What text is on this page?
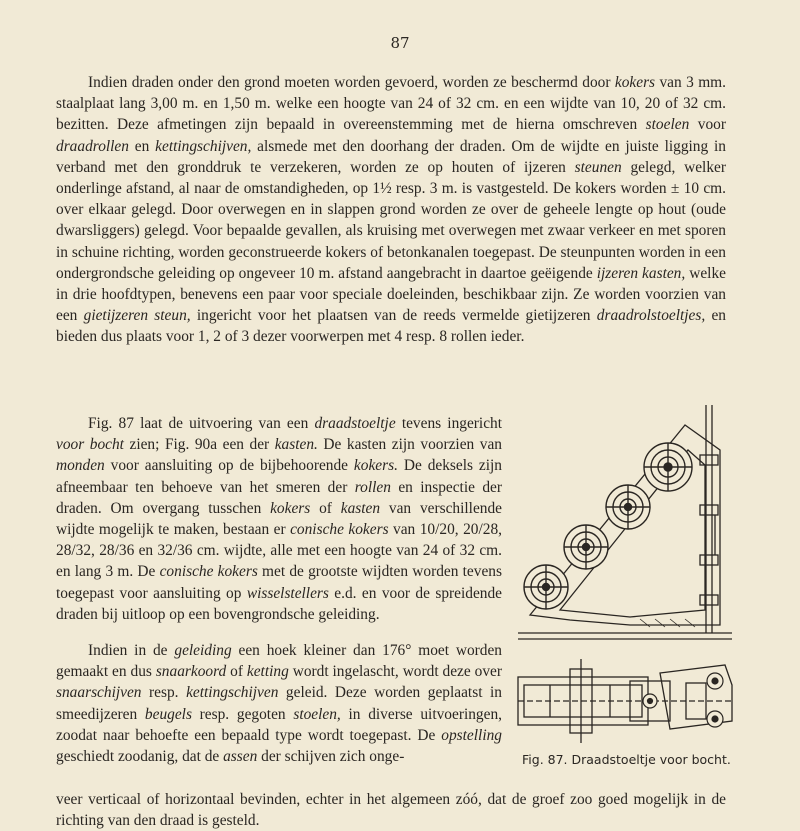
87
Indien draden onder den grond moeten worden gevoerd, worden ze beschermd door kokers van 3 mm. staalplaat lang 3,00 m. en 1,50 m. welke een hoogte van 24 of 32 cm. en een wijdte van 10, 20 of 32 cm. bezitten. Deze afmetingen zijn bepaald in overeenstemming met de hierna omschreven stoelen voor draadrollen en kettingschijven, alsmede met den doorhang der draden. Om de wijdte en juiste ligging in verband met den gronddruk te verzekeren, worden ze op houten of ijzeren steunen gelegd, welker onderlinge afstand, al naar de omstandigheden, op 1½ resp. 3 m. is vastgesteld. De kokers worden ± 10 cm. over elkaar gelegd. Door overwegen en in slappen grond worden ze over de geheele lengte op hout (oude dwarsliggers) gelegd. Voor bepaalde gevallen, als kruising met overwegen met zwaar verkeer en met sporen in schuine richting, worden geconstrueerde kokers of betonkanalen toegepast. De steunpunten worden in een ondergrondsche geleiding op ongeveer 10 m. afstand aangebracht in daartoe geëigende ijzeren kasten, welke in drie hoofdtypen, benevens een paar voor speciale doeleinden, beschikbaar zijn. Ze worden voorzien van een gietijzeren steun, ingericht voor het plaatsen van de reeds vermelde gietijzeren draadrolstoeltjes, en bieden dus plaats voor 1, 2 of 3 dezer voorwerpen met 4 resp. 8 rollen ieder.
Fig. 87 laat de uitvoering van een draadstoeltje tevens ingericht voor bocht zien; Fig. 90a een der kasten. De kasten zijn voorzien van monden voor aansluiting op de bijbehoorende kokers. De deksels zijn afneembaar ten behoeve van het smeren der rollen en inspectie der draden. Om overgang tusschen kokers of kasten van verschillende wijdte mogelijk te maken, bestaan er conische kokers van 10/20, 20/28, 28/32, 28/36 en 32/36 cm. wijdte, alle met een hoogte van 24 of 32 cm. en lang 3 m. De conische kokers met de grootste wijdten worden tevens toegepast voor aansluiting op wisselstellers e.d. en voor de spreidende draden bij uitloop op een bovengrondsche geleiding.
Indien in de geleiding een hoek kleiner dan 176° moet worden gemaakt en dus snaarkoord of ketting wordt ingelascht, wordt deze over snaarschijven resp. kettingschijven geleid. Deze worden geplaatst in smeedijzeren beugels resp. gegoten stoelen, in diverse uitvoeringen, zoodat naar behoefte een bepaald type wordt toegepast. De opstelling geschiedt zoodanig, dat de assen der schijven zich onge-
veer verticaal of horizontaal bevinden, echter in het algemeen zóó, dat de groef zoo goed mogelijk in de richting van den draad is gesteld.
Fig. 87. Draadstoeltje voor bocht.
